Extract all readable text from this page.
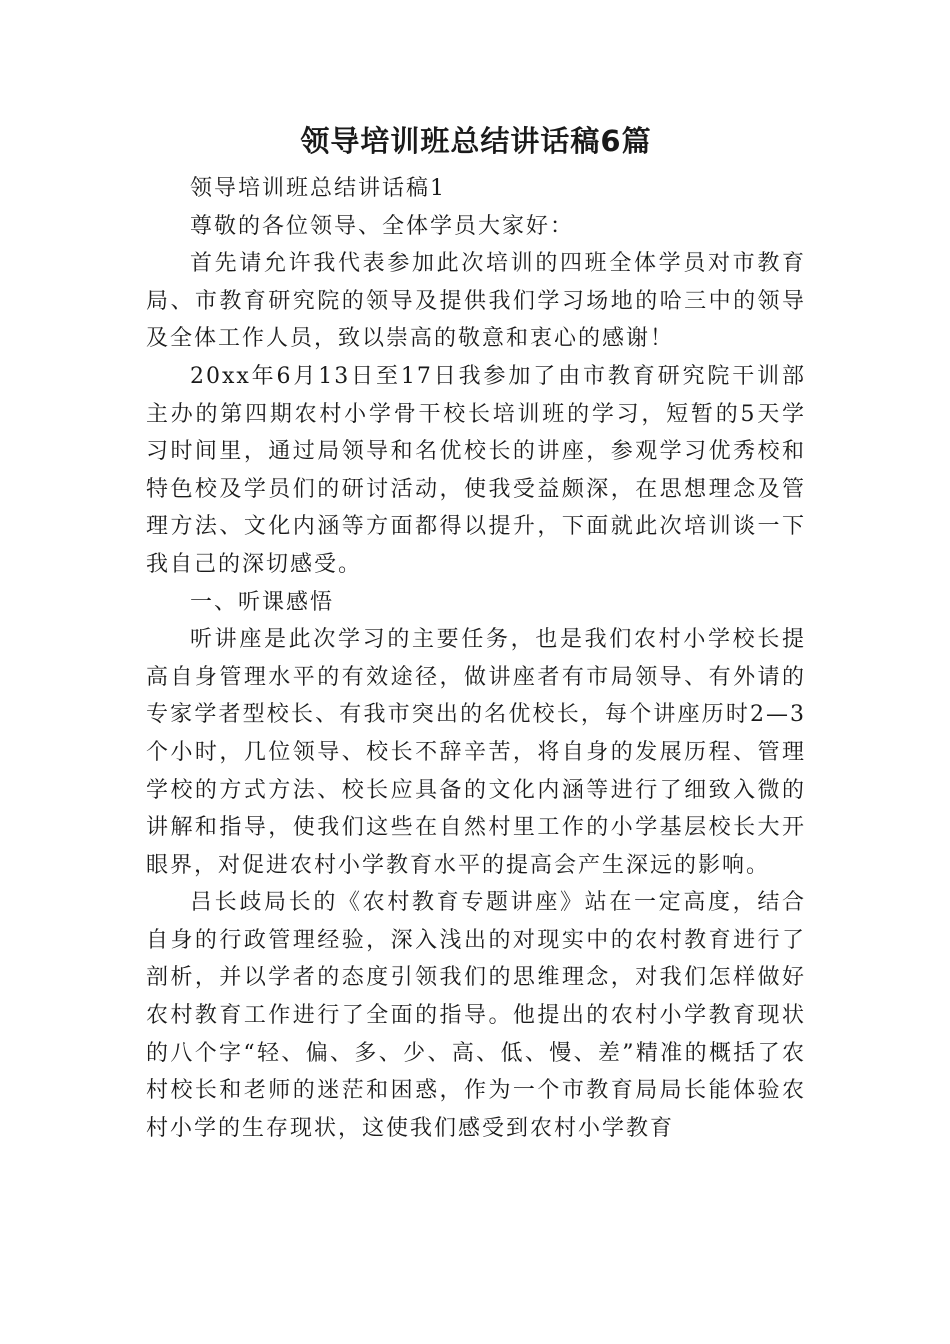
领导培训班总结讲话稿6篇

领导培训班总结讲话稿1

尊敬的各位领导、全体学员大家好：

首先请允许我代表参加此次培训的四班全体学员对市教育局、市教育研究院的领导及提供我们学习场地的哈三中的领导及全体工作人员，致以崇高的敬意和衷心的感谢！

20xx年6月13日至17日我参加了由市教育研究院干训部主办的第四期农村小学骨干校长培训班的学习，短暂的5天学习时间里，通过局领导和名优校长的讲座，参观学习优秀校和特色校及学员们的研讨活动，使我受益颇深，在思想理念及管理方法、文化内涵等方面都得以提升，下面就此次培训谈一下我自己的深切感受。

一、听课感悟

听讲座是此次学习的主要任务，也是我们农村小学校长提高自身管理水平的有效途径，做讲座者有市局领导、有外请的专家学者型校长、有我市突出的名优校长，每个讲座历时2—3个小时，几位领导、校长不辞辛苦，将自身的发展历程、管理学校的方式方法、校长应具备的文化内涵等进行了细致入微的讲解和指导，使我们这些在自然村里工作的小学基层校长大开眼界，对促进农村小学教育水平的提高会产生深远的影响。

吕长歧局长的《农村教育专题讲座》站在一定高度，结合自身的行政管理经验，深入浅出的对现实中的农村教育进行了剖析，并以学者的态度引领我们的思维理念，对我们怎样做好农村教育工作进行了全面的指导。他提出的农村小学教育现状的八个字“轻、偏、多、少、高、低、慢、差”精准的概括了农村校长和老师的迷茫和困惑，作为一个市教育局局长能体验农村小学的生存现状，这使我们感受到农村小学教育
